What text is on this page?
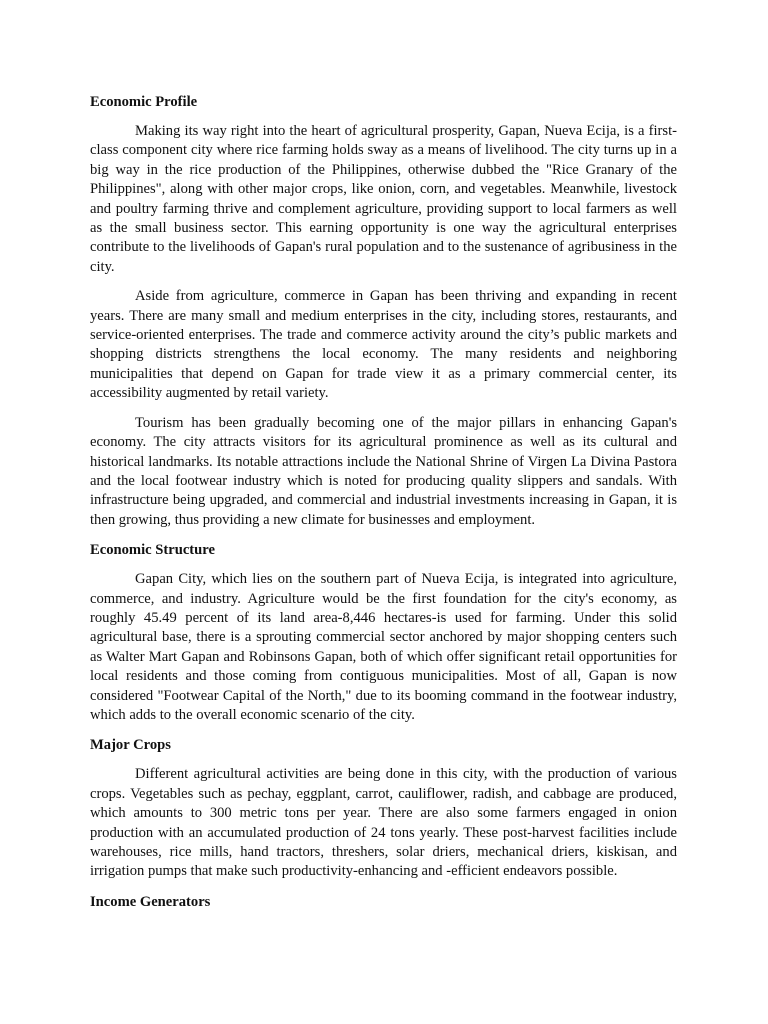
Economic Profile

Making its way right into the heart of agricultural prosperity, Gapan, Nueva Ecija, is a first-class component city where rice farming holds sway as a means of livelihood. The city turns up in a big way in the rice production of the Philippines, otherwise dubbed the "Rice Granary of the Philippines", along with other major crops, like onion, corn, and vegetables. Meanwhile, livestock and poultry farming thrive and complement agriculture, providing support to local farmers as well as the small business sector. This earning opportunity is one way the agricultural enterprises contribute to the livelihoods of Gapan's rural population and to the sustenance of agribusiness in the city.

Aside from agriculture, commerce in Gapan has been thriving and expanding in recent years. There are many small and medium enterprises in the city, including stores, restaurants, and service-oriented enterprises. The trade and commerce activity around the city’s public markets and shopping districts strengthens the local economy. The many residents and neighboring municipalities that depend on Gapan for trade view it as a primary commercial center, its accessibility augmented by retail variety.

Tourism has been gradually becoming one of the major pillars in enhancing Gapan's economy. The city attracts visitors for its agricultural prominence as well as its cultural and historical landmarks. Its notable attractions include the National Shrine of Virgen La Divina Pastora and the local footwear industry which is noted for producing quality slippers and sandals. With infrastructure being upgraded, and commercial and industrial investments increasing in Gapan, it is then growing, thus providing a new climate for businesses and employment.

Economic Structure

Gapan City, which lies on the southern part of Nueva Ecija, is integrated into agriculture, commerce, and industry. Agriculture would be the first foundation for the city's economy, as roughly 45.49 percent of its land area-8,446 hectares-is used for farming. Under this solid agricultural base, there is a sprouting commercial sector anchored by major shopping centers such as Walter Mart Gapan and Robinsons Gapan, both of which offer significant retail opportunities for local residents and those coming from contiguous municipalities. Most of all, Gapan is now considered "Footwear Capital of the North," due to its booming command in the footwear industry, which adds to the overall economic scenario of the city.

Major Crops

Different agricultural activities are being done in this city, with the production of various crops. Vegetables such as pechay, eggplant, carrot, cauliflower, radish, and cabbage are produced, which amounts to 300 metric tons per year. There are also some farmers engaged in onion production with an accumulated production of 24 tons yearly. These post-harvest facilities include warehouses, rice mills, hand tractors, threshers, solar driers, mechanical driers, kiskisan, and irrigation pumps that make such productivity-enhancing and -efficient endeavors possible.

Income Generators
